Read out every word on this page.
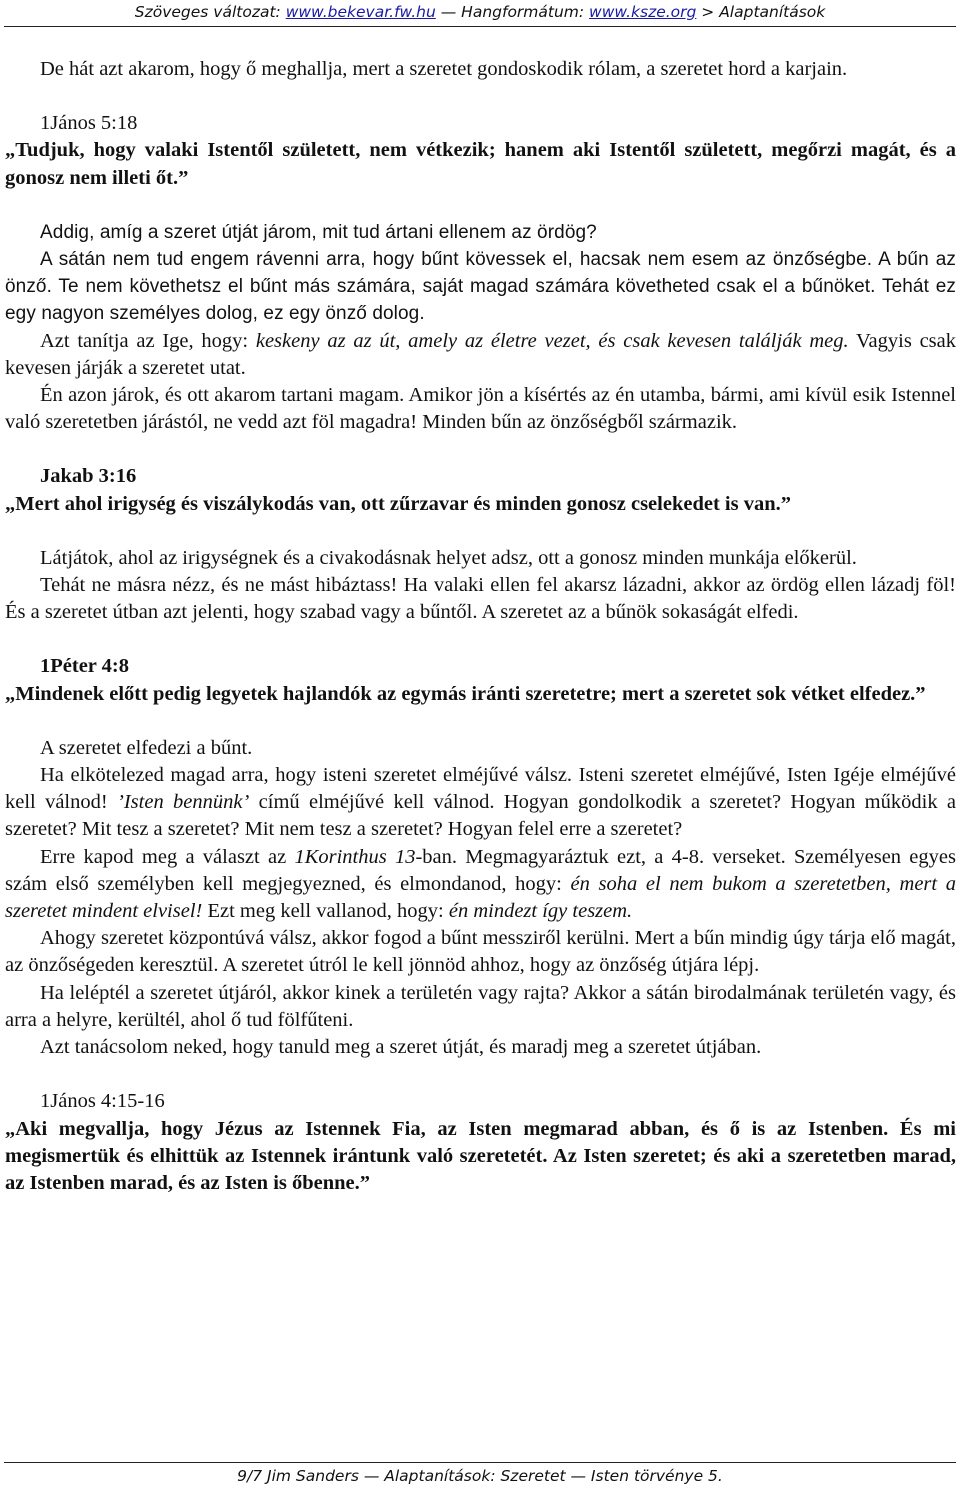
Szöveges változat: www.bekevar.fw.hu — Hangformátum: www.ksze.org > Alaptanítások

De hát azt akarom, hogy ő meghallja, mert a szeretet gondoskodik rólam, a szeretet hord a karjain.

1János 5:18

„Tudjuk, hogy valaki Istentől született, nem vétkezik; hanem aki Istentől született, megőrzi magát, és a gonosz nem illeti őt.”

Addig, amíg a szeret útját járom, mit tud ártani ellenem az ördög?

A sátán nem tud engem rávenni arra, hogy bűnt kövessek el, hacsak nem esem az önzőségbe. A bűn az önző. Te nem követhetsz el bűnt más számára, saját magad számára követheted csak el a bűnöket. Tehát ez egy nagyon személyes dolog, ez egy önző dolog.

Azt tanítja az Ige, hogy: keskeny az az út, amely az életre vezet, és csak kevesen találják meg. Vagyis csak kevesen járják a szeretet utat.

Én azon járok, és ott akarom tartani magam. Amikor jön a kísértés az én utamba, bármi, ami kívül esik Istennel való szeretetben járástól, ne vedd azt föl magadra! Minden bűn az önzőségből származik.

Jakab 3:16

„Mert ahol irigység és viszálykodás van, ott zűrzavar és minden gonosz cselekedet is van.”

Látjátok, ahol az irigységnek és a civakodásnak helyet adsz, ott a gonosz minden munkája előkerül.

Tehát ne másra nézz, és ne mást hibáztass! Ha valaki ellen fel akarsz lázadni, akkor az ördög ellen lázadj föl! És a szeretet útban azt jelenti, hogy szabad vagy a bűntől. A szeretet az a bűnök sokaságát elfedi.

1Péter 4:8

„Mindenek előtt pedig legyetek hajlandók az egymás iránti szeretetre; mert a szeretet sok vétket elfedez.”

A szeretet elfedezi a bűnt.

Ha elkötelezed magad arra, hogy isteni szeretet elméjűvé válsz. Isteni szeretet elméjűvé, Isten Igéje elméjűvé kell válnod! ’Isten bennünk’ című elméjűvé kell válnod. Hogyan gondolkodik a szeretet? Hogyan működik a szeretet? Mit tesz a szeretet? Mit nem tesz a szeretet? Hogyan felel erre a szeretet?

Erre kapod meg a választ az 1Korinthus 13-ban. Megmagyaráztuk ezt, a 4-8. verseket. Személyesen egyes szám első személyben kell megjegyezned, és elmondanod, hogy: én soha el nem bukom a szeretetben, mert a szeretet mindent elvisel! Ezt meg kell vallanod, hogy: én mindezt így teszem.

Ahogy szeretet központúvá válsz, akkor fogod a bűnt messziről kerülni. Mert a bűn mindig úgy tárja elő magát, az önzőségeden keresztül. A szeretet útról le kell jönnöd ahhoz, hogy az önzőség útjára lépj.

Ha leléptél a szeretet útjáról, akkor kinek a területén vagy rajta? Akkor a sátán birodalmának területén vagy, és arra a helyre, kerültél, ahol ő tud fölfűteni.

Azt tanácsolom neked, hogy tanuld meg a szeret útját, és maradj meg a szeretet útjában.

1János 4:15-16

„Aki megvallja, hogy Jézus az Istennek Fia, az Isten megmarad abban, és ő is az Istenben. És mi megismertük és elhittük az Istennek irántunk való szeretetét. Az Isten szeretet; és aki a szeretetben marad, az Istenben marad, és az Isten is őbenne.”

9/7 Jim Sanders — Alaptanítások: Szeretet — Isten törvénye 5.
